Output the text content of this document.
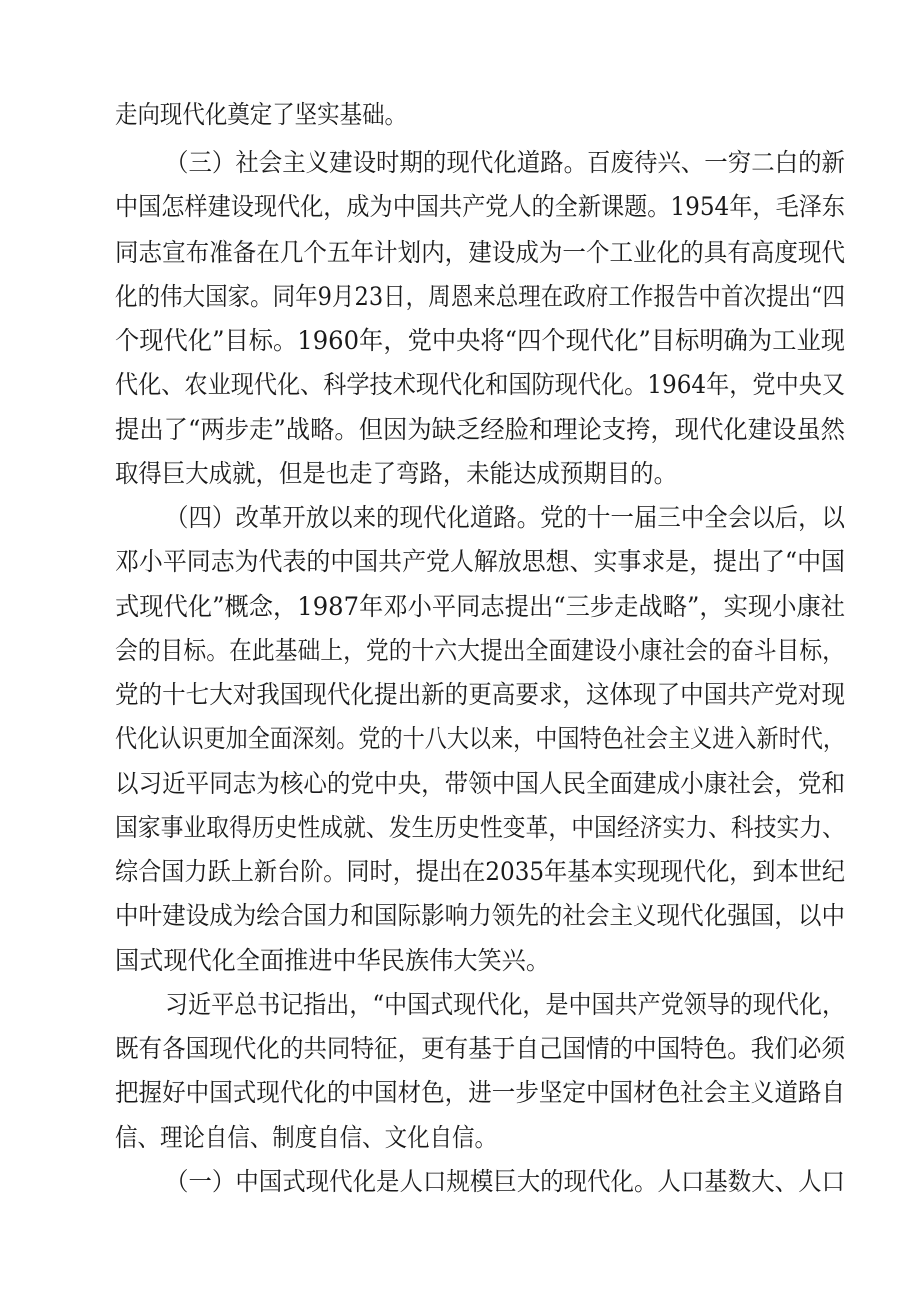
走向现代化奠定了坚实基础。
（三）社会主义建设时期的现代化道路。百废待兴、一穷二白的新
中国怎样建设现代化，成为中国共产党人的全新课题。1954年，毛泽东
同志宣布准备在几个五年计划内，建设成为一个工业化的具有高度现代
化的伟大国家。同年9月23日，周恩来总理在政府工作报告中首次提出“四
个现代化”目标。1960年，党中央将“四个现代化”目标明确为工业现
代化、农业现代化、科学技术现代化和国防现代化。1964年，党中央又
提出了“两步走”战略。但因为缺乏经脸和理论支挎，现代化建设虽然
取得巨大成就，但是也走了弯路，未能达成预期目的。
（四）改革开放以来的现代化道路。党的十一届三中全会以后，以
邓小平同志为代表的中国共产党人解放思想、实事求是，提出了“中国
式现代化”概念，1987年邓小平同志提出“三步走战略”，实现小康社
会的目标。在此基础上，党的十六大提出全面建设小康社会的奋斗目标，
党的十七大对我国现代化提出新的更高要求，这体现了中国共产党对现
代化认识更加全面深刻。党的十八大以来，中国特色社会主义进入新时代，
以习近平同志为核心的党中央，带领中国人民全面建成小康社会，党和
国家事业取得历史性成就、发生历史性变革，中国经济实力、科技实力、
综合国力跃上新台阶。同时，提出在2035年基本实现现代化，到本世纪
中叶建设成为绘合国力和国际影响力领先的社会主义现代化强国，以中
国式现代化全面推进中华民族伟大笑兴。
习近平总书记指出，“中国式现代化，是中国共产党领导的现代化，
既有各国现代化的共同特征，更有基于自己国情的中国特色。我们必须
把握好中国式现代化的中国材色，进一步坚定中国材色社会主义道路自
信、理论自信、制度自信、文化自信。
（一）中国式现代化是人口规模巨大的现代化。人口基数大、人口
